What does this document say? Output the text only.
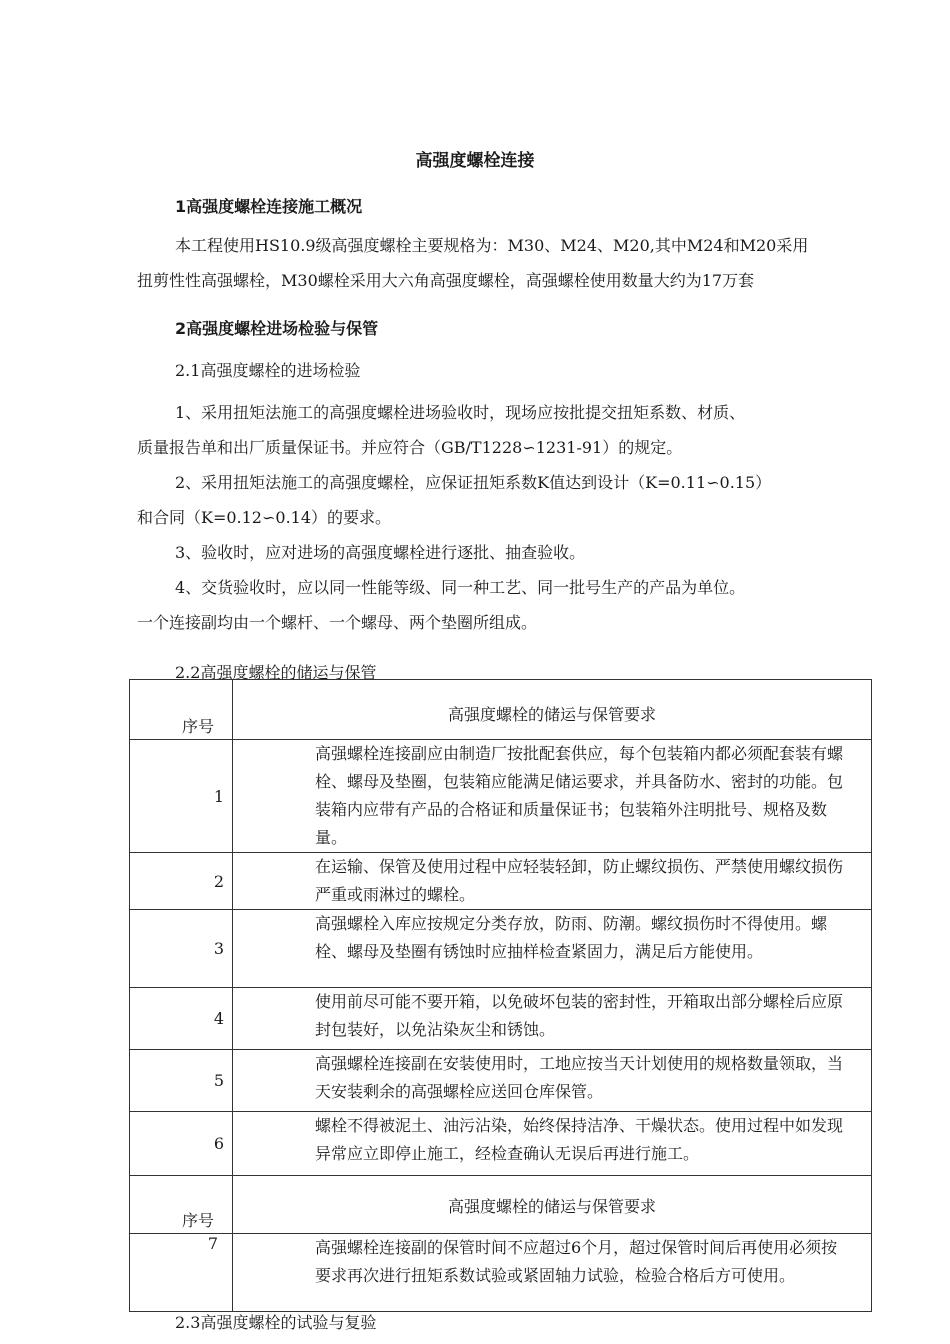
高强度螺栓连接
1高强度螺栓连接施工概况
本工程使用HS10.9级高强度螺栓主要规格为：M30、M24、M20,其中M24和M20采用
扭剪性性高强螺栓，M30螺栓采用大六角高强度螺栓，高强螺栓使用数量大约为17万套
2高强度螺栓进场检验与保管
2.1高强度螺栓的进场检验
1、采用扭矩法施工的高强度螺栓进场验收时，现场应按批提交扭矩系数、材质、
质量报告单和出厂质量保证书。并应符合（GB/T1228∽1231-91）的规定。
2、采用扭矩法施工的高强度螺栓，应保证扭矩系数K值达到设计（K=0.11∽0.15）
和合同（K=0.12∽0.14）的要求。
3、验收时，应对进场的高强度螺栓进行逐批、抽查验收。
4、交货验收时，应以同一性能等级、同一种工艺、同一批号生产的产品为单位。
一个连接副均由一个螺杆、一个螺母、两个垫圈所组成。
2.2高强度螺栓的储运与保管
序号	高强度螺栓的储运与保管要求
1	高强螺栓连接副应由制造厂按批配套供应，每个包装箱内都必须配套装有螺栓、螺母及垫圈，包装箱应能满足储运要求，并具备防水、密封的功能。包装箱内应带有产品的合格证和质量保证书；包装箱外注明批号、规格及数量。
2	在运输、保管及使用过程中应轻装轻卸，防止螺纹损伤、严禁使用螺纹损伤严重或雨淋过的螺栓。
3	高强螺栓入库应按规定分类存放，防雨、防潮。螺纹损伤时不得使用。螺栓、螺母及垫圈有锈蚀时应抽样检查紧固力，满足后方能使用。
4	使用前尽可能不要开箱，以免破坏包装的密封性，开箱取出部分螺栓后应原封包装好，以免沾染灰尘和锈蚀。
5	高强螺栓连接副在安装使用时，工地应按当天计划使用的规格数量领取，当天安装剩余的高强螺栓应送回仓库保管。
6	螺栓不得被泥土、油污沾染，始终保持洁净、干燥状态。使用过程中如发现异常应立即停止施工，经检查确认无误后再进行施工。

序号	高强度螺栓的储运与保管要求
7	高强螺栓连接副的保管时间不应超过6个月，超过保管时间后再使用必须按要求再次进行扭矩系数试验或紧固轴力试验，检验合格后方可使用。
2.3高强度螺栓的试验与复验
